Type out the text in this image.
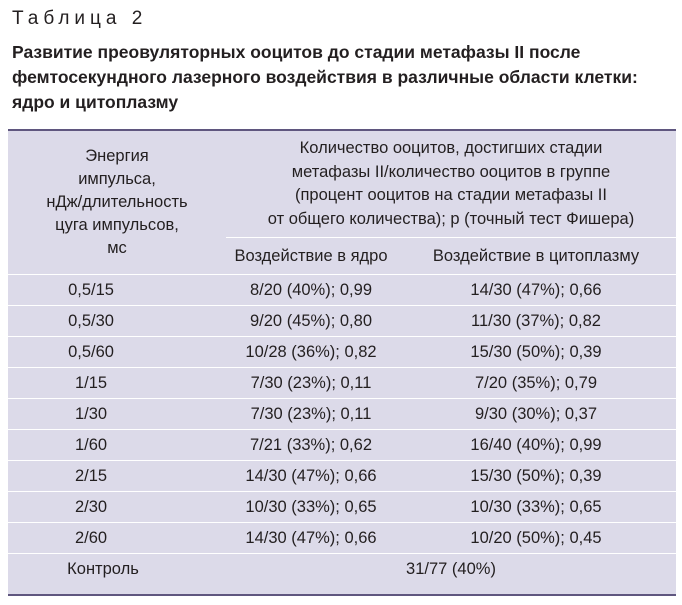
Таблица 2
Развитие преовуляторных ооцитов до стадии метафазы II после фемтосекундного лазерного воздействия в различные области клетки: ядро и цитоплазму
Энергия
импульса,
нДж/длительность
цуга импульсов,
мс
Количество ооцитов, достигших стадии
метафазы II/количество ооцитов в группе
(процент ооцитов на стадии метафазы II
от общего количества); р (точный тест Фишера)
Воздействие в ядро	Воздействие в цитоплазму
0,5/15	8/20 (40%); 0,99	14/30 (47%); 0,66
0,5/30	9/20 (45%); 0,80	11/30 (37%); 0,82
0,5/60	10/28 (36%); 0,82	15/30 (50%); 0,39
1/15	7/30 (23%); 0,11	7/20 (35%); 0,79
1/30	7/30 (23%); 0,11	9/30 (30%); 0,37
1/60	7/21 (33%); 0,62	16/40 (40%); 0,99
2/15	14/30 (47%); 0,66	15/30 (50%); 0,39
2/30	10/30 (33%); 0,65	10/30 (33%); 0,65
2/60	14/30 (47%); 0,66	10/20 (50%); 0,45
Контроль	31/77 (40%)
